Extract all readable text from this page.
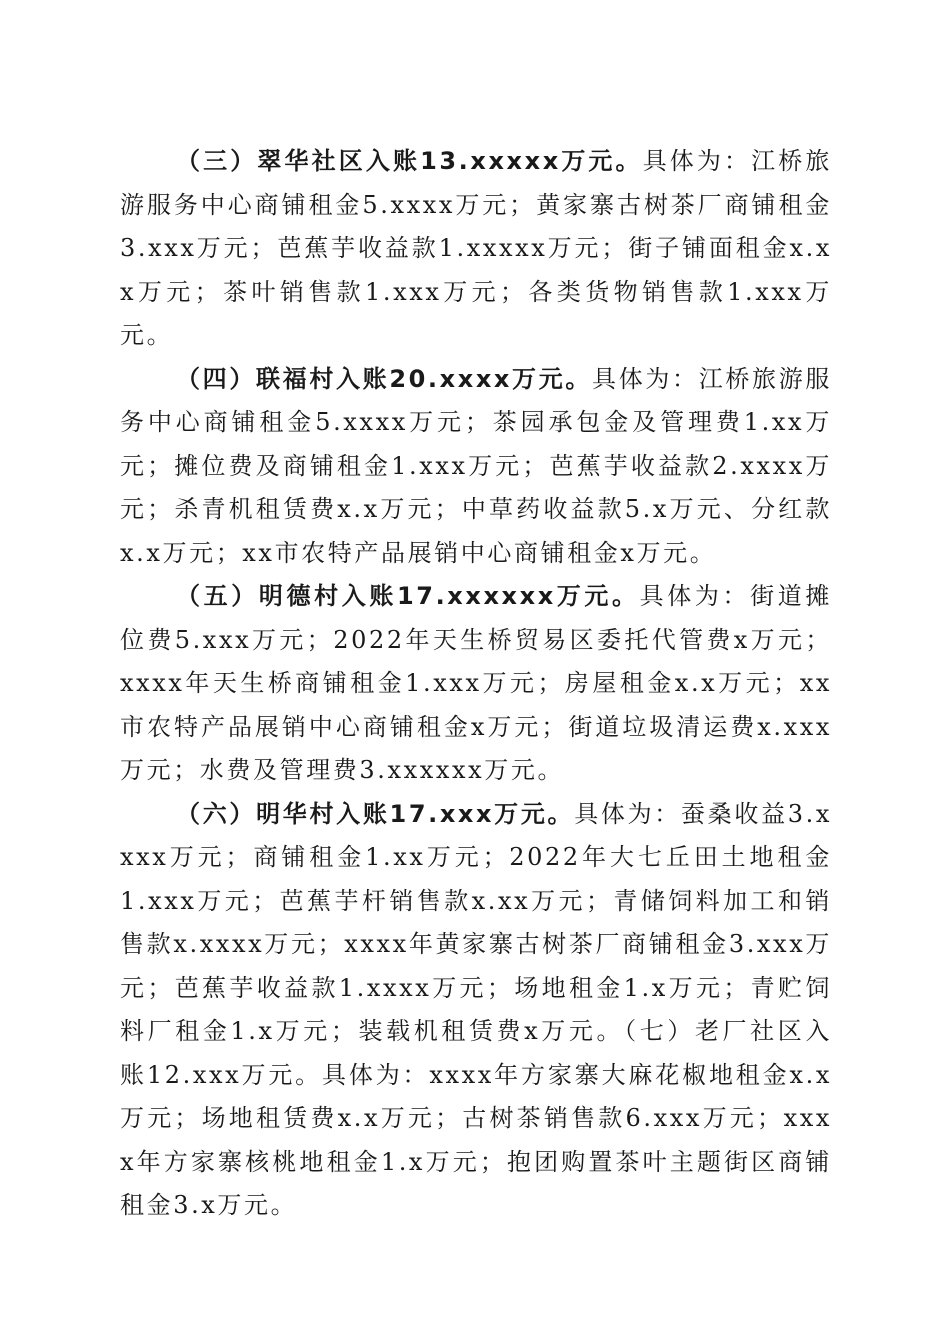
（三）翠华社区入账13.xxxxx万元。具体为：江桥旅游服务中心商铺租金5.xxxx万元；黄家寨古树茶厂商铺租金3.xxx万元；芭蕉芋收益款1.xxxxx万元；街子铺面租金x.xx万元；茶叶销售款1.xxx万元；各类货物销售款1.xxx万元。

（四）联福村入账20.xxxx万元。具体为：江桥旅游服务中心商铺租金5.xxxx万元；茶园承包金及管理费1.xx万元；摊位费及商铺租金1.xxx万元；芭蕉芋收益款2.xxxx万元；杀青机租赁费x.x万元；中草药收益款5.x万元、分红款x.x万元；xx市农特产品展销中心商铺租金x万元。

（五）明德村入账17.xxxxxx万元。具体为：街道摊位费5.xxx万元；2022年天生桥贸易区委托代管费x万元；xxxx年天生桥商铺租金1.xxx万元；房屋租金x.x万元；xx市农特产品展销中心商铺租金x万元；街道垃圾清运费x.xxx万元；水费及管理费3.xxxxxx万元。

（六）明华村入账17.xxx万元。具体为：蚕桑收益3.xxxx万元；商铺租金1.xx万元；2022年大七丘田土地租金1.xxx万元；芭蕉芋杆销售款x.xx万元；青储饲料加工和销售款x.xxxx万元；xxxx年黄家寨古树茶厂商铺租金3.xxx万元；芭蕉芋收益款1.xxxx万元；场地租金1.x万元；青贮饲料厂租金1.x万元；装载机租赁费x万元。（七）老厂社区入账12.xxx万元。具体为：xxxx年方家寨大麻花椒地租金x.x万元；场地租赁费x.x万元；古树茶销售款6.xxx万元；xxxx年方家寨核桃地租金1.x万元；抱团购置茶叶主题街区商铺租金3.x万元。
